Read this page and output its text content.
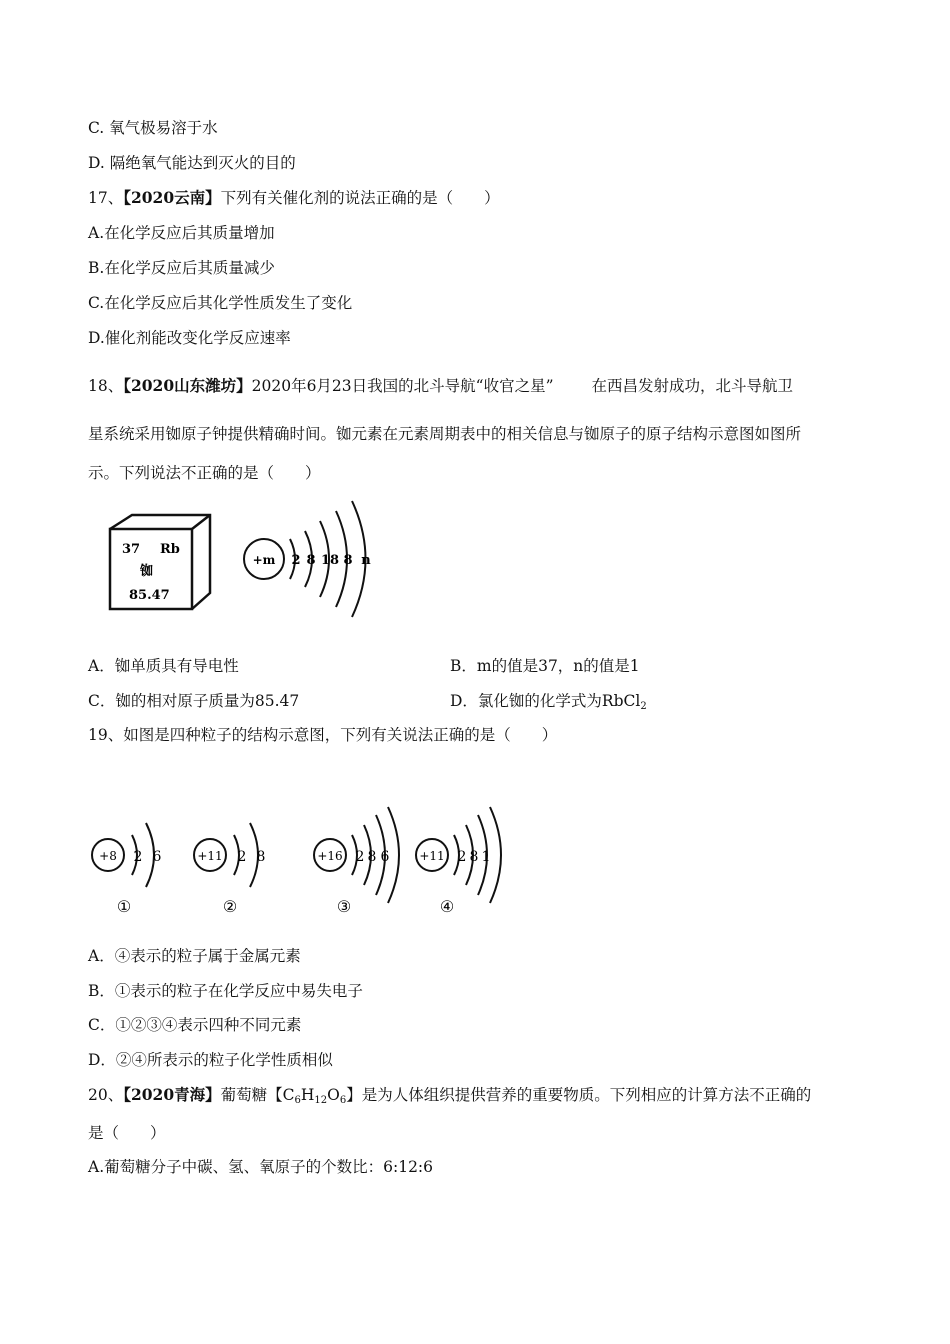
C. 氧气极易溶于水
D. 隔绝氧气能达到灭火的目的
17、【2020云南】下列有关催化剂的说法正确的是（　　）
A.在化学反应后其质量增加
B.在化学反应后其质量减少
C.在化学反应后其化学性质发生了变化
D.催化剂能改变化学反应速率
18、【2020山东潍坊】2020年6月23日我国的北斗导航“收官之星” 在西昌发射成功，北斗导航卫
星系统采用铷原子钟提供精确时间。铷元素在元素周期表中的相关信息与铷原子的原子结构示意图如图所
示。下列说法不正确的是（　　）
37 Rb
铷
85.47
+m 2 8 18 8 n
A．铷单质具有导电性	B．m的值是37，n的值是1
C．铷的相对原子质量为85.47	D．氯化铷的化学式为RbCl$_2$
19、如图是四种粒子的结构示意图，下列有关说法正确的是（　　）
+8 2 6
①
+11 2 8
②
+16 2 8 6
③
+11 2 8 1
④
A．④表示的粒子属于金属元素
B．①表示的粒子在化学反应中易失电子
C．①②③④表示四种不同元素
D．②④所表示的粒子化学性质相似
20、【2020青海】葡萄糖【$C_6H_{12}O_6$】是为人体组织提供营养的重要物质。下列相应的计算方法不正确的
是（　　）
A.葡萄糖分子中碳、氢、氧原子的个数比：6:12:6
